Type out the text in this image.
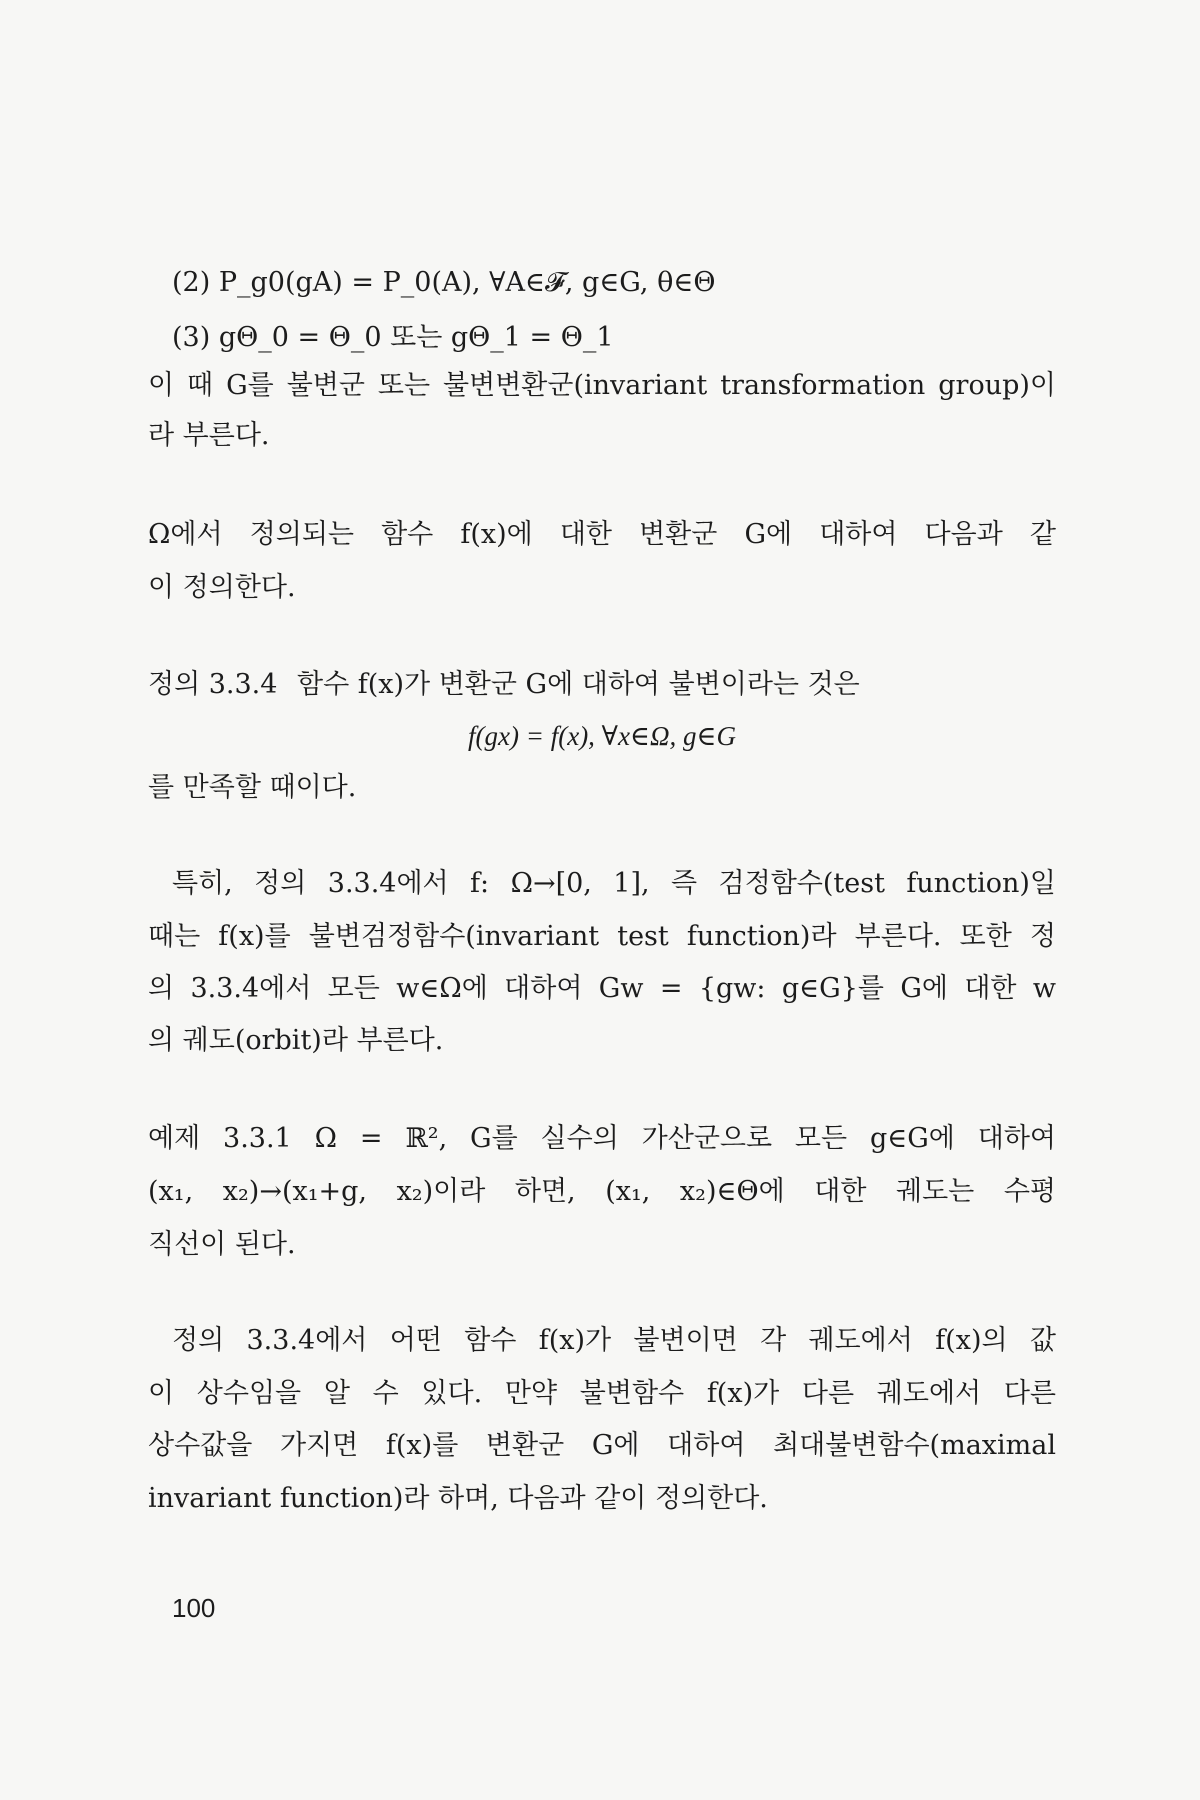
(2) P_g0(gA) = P_0(A), ∀A∈𝓕, g∈G, θ∈Θ
(3) gΘ_0 = Θ_0 또는 gΘ_1 = Θ_1
이 때 G를 불변군 또는 불변변환군(invariant transformation group)이
라 부른다.
Ω에서 정의되는 함수 f(x)에 대한 변환군 G에 대하여 다음과 같
이 정의한다.
정의 3.3.4 함수 f(x)가 변환군 G에 대하여 불변이라는 것은
f(gx) = f(x), ∀x∈Ω, g∈G
를 만족할 때이다.
특히, 정의 3.3.4에서 f: Ω→[0, 1], 즉 검정함수(test function)일
때는 f(x)를 불변검정함수(invariant test function)라 부른다. 또한 정
의 3.3.4에서 모든 w∈Ω에 대하여 Gw = {gw: g∈G}를 G에 대한 w
의 궤도(orbit)라 부른다.
예제 3.3.1 Ω = ℝ², G를 실수의 가산군으로 모든 g∈G에 대하여
(x₁, x₂)→(x₁+g, x₂)이라 하면, (x₁, x₂)∈Θ에 대한 궤도는 수평
직선이 된다.
정의 3.3.4에서 어떤 함수 f(x)가 불변이면 각 궤도에서 f(x)의 값
이 상수임을 알 수 있다. 만약 불변함수 f(x)가 다른 궤도에서 다른
상수값을 가지면 f(x)를 변환군 G에 대하여 최대불변함수(maximal
invariant function)라 하며, 다음과 같이 정의한다.
100
